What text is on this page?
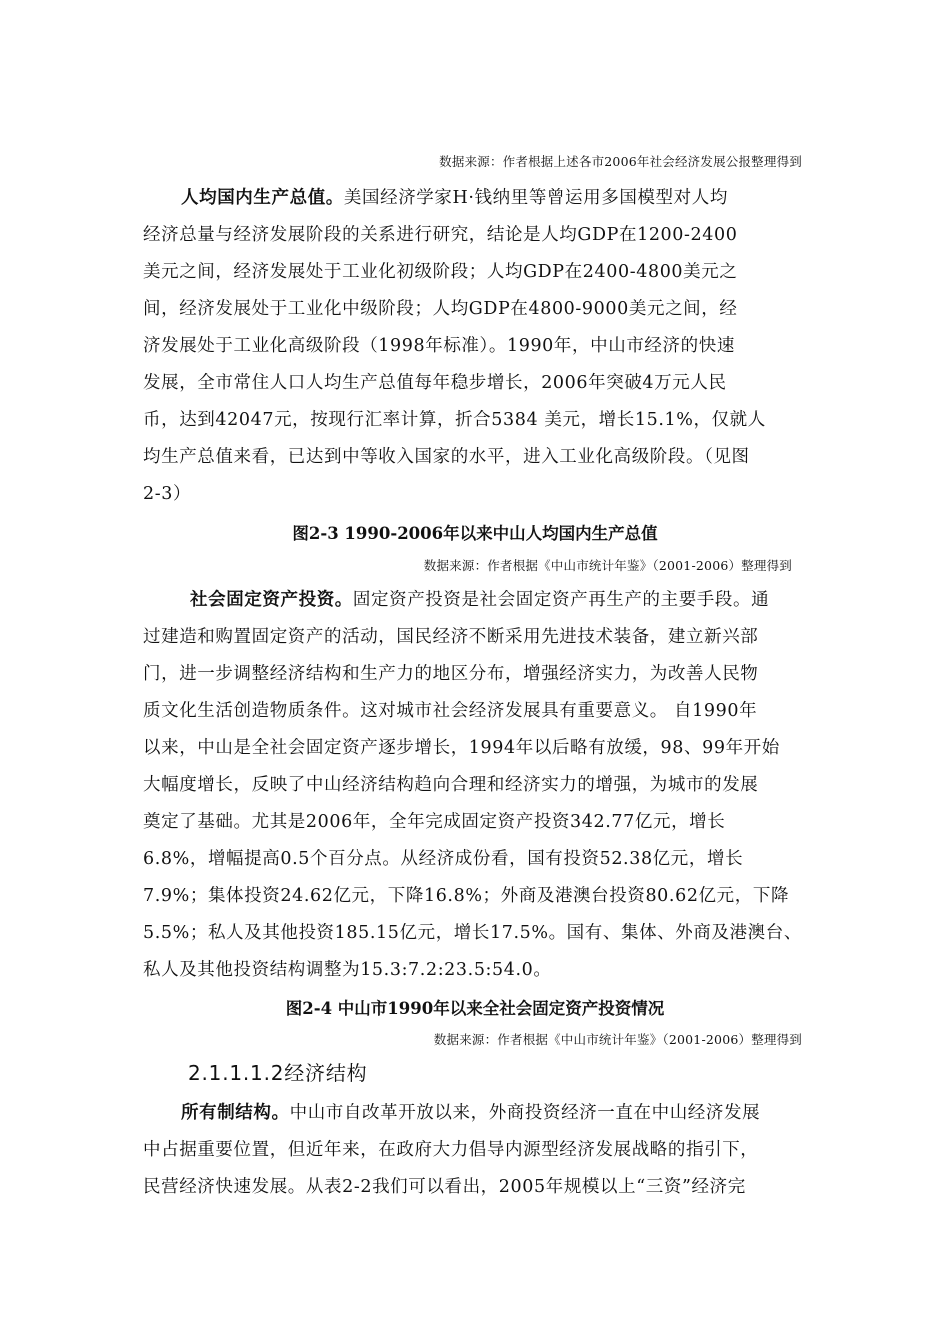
数据来源：作者根据上述各市2006年社会经济发展公报整理得到
人均国内生产总值。美国经济学家H·钱纳里等曾运用多国模型对人均
经济总量与经济发展阶段的关系进行研究，结论是人均GDP在1200-2400
美元之间，经济发展处于工业化初级阶段；人均GDP在2400-4800美元之
间，经济发展处于工业化中级阶段；人均GDP在4800-9000美元之间，经
济发展处于工业化高级阶段（1998年标准）。1990年，中山市经济的快速
发展，全市常住人口人均生产总值每年稳步增长，2006年突破4万元人民
币，达到42047元，按现行汇率计算，折合5384 美元，增长15.1%，仅就人
均生产总值来看，已达到中等收入国家的水平，进入工业化高级阶段。（见图
2-3）
图2-3 1990-2006年以来中山人均国内生产总值
数据来源：作者根据《中山市统计年鉴》（2001-2006）整理得到
社会固定资产投资。固定资产投资是社会固定资产再生产的主要手段。通
过建造和购置固定资产的活动，国民经济不断采用先进技术装备，建立新兴部
门，进一步调整经济结构和生产力的地区分布，增强经济实力，为改善人民物
质文化生活创造物质条件。这对城市社会经济发展具有重要意义。 自1990年
以来，中山是全社会固定资产逐步增长，1994年以后略有放缓，98、99年开始
大幅度增长，反映了中山经济结构趋向合理和经济实力的增强，为城市的发展
奠定了基础。尤其是2006年，全年完成固定资产投资342.77亿元，增长
6.8%，增幅提高0.5个百分点。从经济成份看，国有投资52.38亿元，增长
7.9%；集体投资24.62亿元，下降16.8%；外商及港澳台投资80.62亿元，下降
5.5%；私人及其他投资185.15亿元，增长17.5%。国有、集体、外商及港澳台、
私人及其他投资结构调整为15.3:7.2:23.5:54.0。
图2-4 中山市1990年以来全社会固定资产投资情况
数据来源：作者根据《中山市统计年鉴》（2001-2006）整理得到
2.1.1.1.2经济结构
所有制结构。中山市自改革开放以来，外商投资经济一直在中山经济发展
中占据重要位置，但近年来，在政府大力倡导内源型经济发展战略的指引下，
民营经济快速发展。从表2-2我们可以看出，2005年规模以上“三资”经济完
